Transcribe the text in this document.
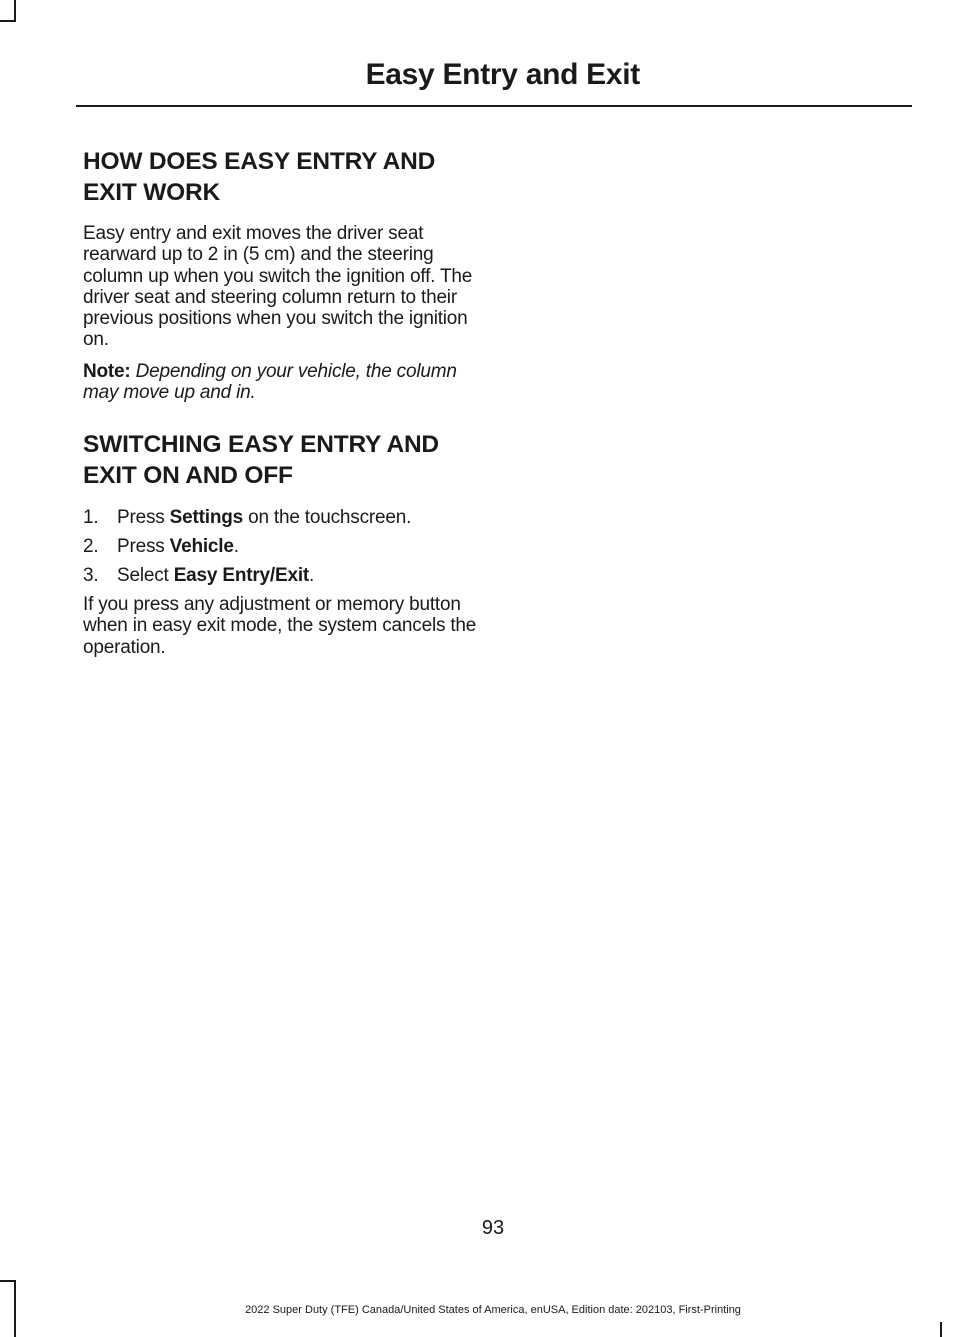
Easy Entry and Exit
HOW DOES EASY ENTRY AND
EXIT WORK

Easy entry and exit moves the driver seat rearward up to 2 in (5 cm) and the steering column up when you switch the ignition off. The driver seat and steering column return to their previous positions when you switch the ignition on.

Note: Depending on your vehicle, the column may move up and in.

SWITCHING EASY ENTRY AND
EXIT ON AND OFF
1. Press Settings on the touchscreen.
2. Press Vehicle.
3. Select Easy Entry/Exit.

If you press any adjustment or memory button when in easy exit mode, the system cancels the operation.

93
2022 Super Duty (TFE) Canada/United States of America, enUSA, Edition date: 202103, First-Printing
